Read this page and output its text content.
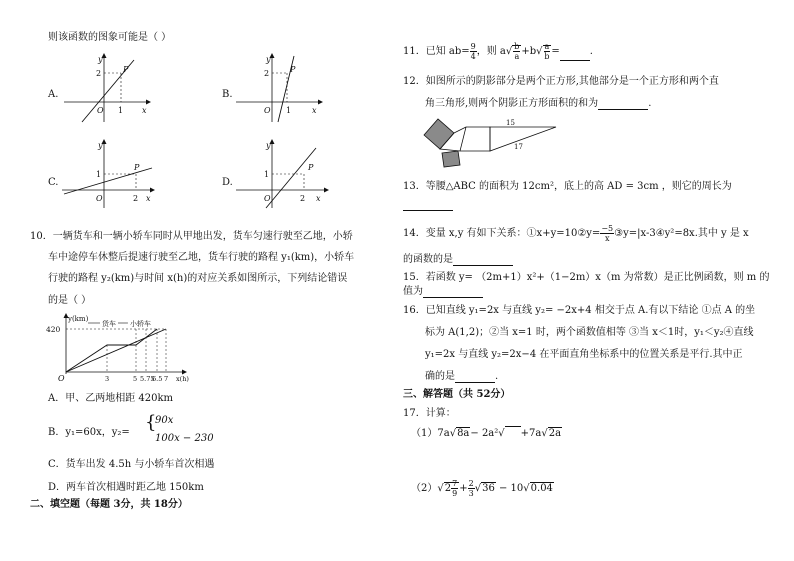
则该函数的图象可能是（ ）
A.
y
2	P
O 1 x
B.
y
2	P
O 1	x
C.
y
1
P
O	2 x
D.
y
1
P
O	2 x
10．一辆货车和一辆小轿车同时从甲地出发，货车匀速行驶至乙地，小轿
车中途停车休整后提速行驶至乙地，货车行驶的路程 y₁(km)，小轿车
行驶的路程 y₂(km)与时间 x(h)的对应关系如图所示，下列结论错误
的是（ ）
y(km)
420
货车 小轿车
O	3	5 5.75
6.5 7 x(h)
A．甲、乙两地相距 420km
B．y₁=60x，y₂= {
90x
100x − 230
C．货车出发 4.5h 与小轿车首次相遇
D．两车首次相遇时距乙地 150km
二、填空题（每题 3分，共 18分）
11．已知 $ab= \frac{9}{4}$ ，则 $a√ \frac{b}{a} +b√ \frac{a}{b}$ =	.
12．如图所示的阴影部分是两个正方形,其他部分是一个正方形和两个直
角三角形,则两个阴影正方形面积的和为	.
15
17
13．等腰△ABC 的面积为 12cm²，底上的高 AD = 3cm ，则它的周长为
14．变量 x,y 有如下关系：①x+y=10②y= $\frac{-5}{x}$ ③y=|x-3④y²=8x.其中 y 是 x
的函数的是
15．若函数 y= （2m+1）x²+（1−2m）x（m 为常数）是正比例函数，则 m 的
值为
16．已知直线 y₁=2x 与直线 y₂= −2x+4 相交于点 A.有以下结论 ①点 A 的坐
标为 A(1,2)；②当 x=1 时，两个函数值相等 ③当 x＜1时，y₁＜y₂④直线
y₁=2x 与直线 y₂=2x−4 在平面直角坐标系中的位置关系是平行.其中正
确的是	.
三、解答题（共 52分）
17．计算：
（1）7a√8a− 2a²√ +7a√2a
$(2)√2 \frac{7}{9} + \frac{2}{3} √36 - 10√0.04$
